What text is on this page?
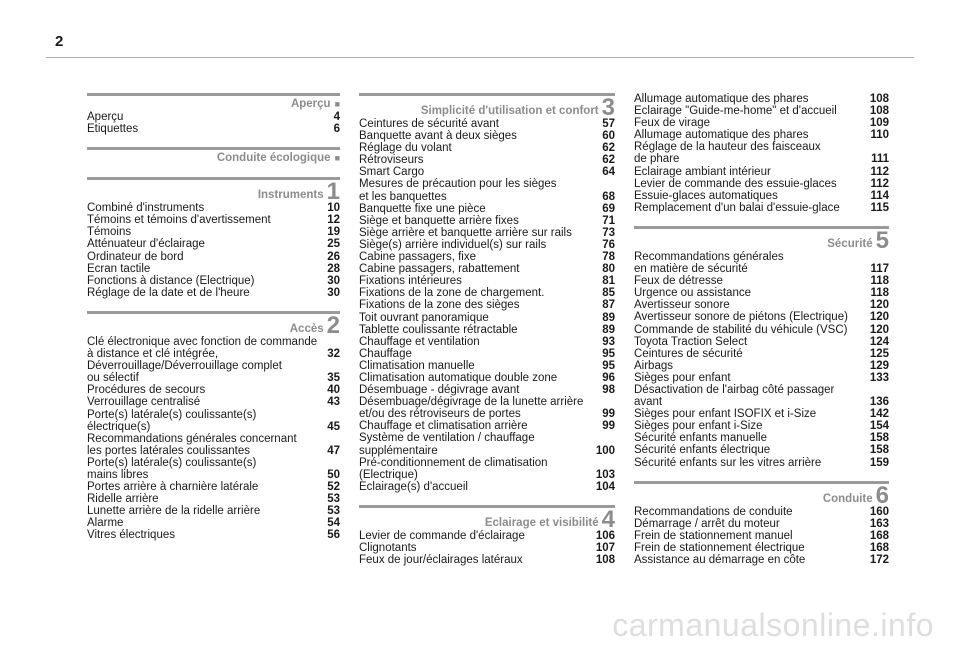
2
Aperçu ■
Aperçu	4
Etiquettes	6
Conduite écologique ■
Instruments 1
Combiné d'instruments	10
Témoins et témoins d'avertissement	12
Témoins	19
Atténuateur d'éclairage	25
Ordinateur de bord	26
Ecran tactile	28
Fonctions à distance (Electrique)	30
Réglage de la date et de l'heure	30
Accès 2
Clé électronique avec fonction de commande
à distance et clé intégrée,	32
Déverrouillage/Déverrouillage complet
ou sélectif	35
Procédures de secours	40
Verrouillage centralisé	43
Porte(s) latérale(s) coulissante(s)
électrique(s)	45
Recommandations générales concernant
les portes latérales coulissantes	47
Porte(s) latérale(s) coulissante(s)
mains libres	50
Portes arrière à charnière latérale	52
Ridelle arrière	53
Lunette arrière de la ridelle arrière	53
Alarme	54
Vitres électriques	56
Simplicité d'utilisation et confort 3
Ceintures de sécurité avant	57
Banquette avant à deux sièges	60
Réglage du volant	62
Rétroviseurs	62
Smart Cargo	64
Mesures de précaution pour les sièges
et les banquettes	68
Banquette fixe une pièce	69
Siège et banquette arrière fixes	71
Siège arrière et banquette arrière sur rails	73
Siège(s) arrière individuel(s) sur rails	76
Cabine passagers, fixe	78
Cabine passagers, rabattement	80
Fixations intérieures	81
Fixations de la zone de chargement.	85
Fixations de la zone des sièges	87
Toit ouvrant panoramique	89
Tablette coulissante rétractable	89
Chauffage et ventilation	93
Chauffage	95
Climatisation manuelle	95
Climatisation automatique double zone	96
Désembuage - dégivrage avant	98
Désembuage/dégivrage de la lunette arrière
et/ou des rétroviseurs de portes	99
Chauffage et climatisation arrière	99
Système de ventilation / chauffage
supplémentaire	100
Pré-conditionnement de climatisation
(Electrique)	103
Eclairage(s) d'accueil	104
Eclairage et visibilité 4
Levier de commande d'éclairage	106
Clignotants	107
Feux de jour/éclairages latéraux	108
Allumage automatique des phares	108
Eclairage "Guide-me-home" et d'accueil	108
Feux de virage	109
Allumage automatique des phares	110
Réglage de la hauteur des faisceaux
de phare	111
Eclairage ambiant intérieur	112
Levier de commande des essuie-glaces	112
Essuie-glaces automatiques	114
Remplacement d'un balai d'essuie-glace	115
Sécurité 5
Recommandations générales
en matière de sécurité	117
Feux de détresse	118
Urgence ou assistance	118
Avertisseur sonore	120
Avertisseur sonore de piétons (Electrique)	120
Commande de stabilité du véhicule (VSC)	120
Toyota Traction Select	124
Ceintures de sécurité	125
Airbags	129
Sièges pour enfant	133
Désactivation de l'airbag côté passager
avant	136
Sièges pour enfant ISOFIX et i-Size	142
Sièges pour enfant i-Size	154
Sécurité enfants manuelle	158
Sécurité enfants électrique	158
Sécurité enfants sur les vitres arrière	159
Conduite 6
Recommandations de conduite	160
Démarrage / arrêt du moteur	163
Frein de stationnement manuel	168
Frein de stationnement électrique	168
Assistance au démarrage en côte	172
carmanualsonline.info
